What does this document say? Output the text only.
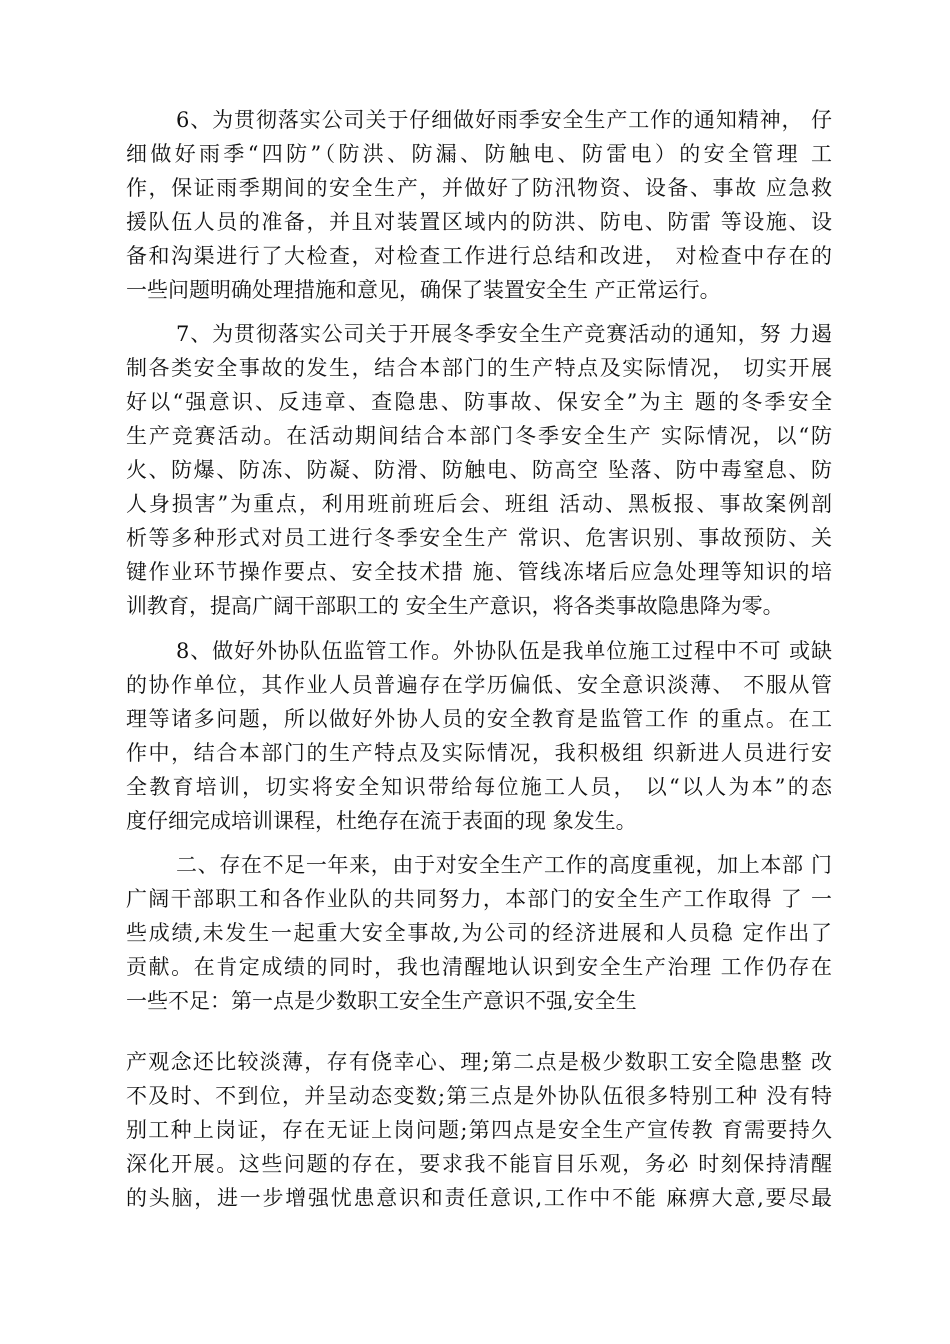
6、为贯彻落实公司关于仔细做好雨季安全生产工作的通知精神， 仔
细做好雨季“四防”（防洪、防漏、防触电、防雷电）的安全管理 工
作，保证雨季期间的安全生产，并做好了防汛物资、设备、事故 应急救
援队伍人员的准备，并且对装置区域内的防洪、防电、防雷 等设施、设
备和沟渠进行了大检查，对检查工作进行总结和改进， 对检查中存在的
一些问题明确处理措施和意见，确保了装置安全生 产正常运行。
7、为贯彻落实公司关于开展冬季安全生产竞赛活动的通知，努 力遏
制各类安全事故的发生，结合本部门的生产特点及实际情况， 切实开展
好以“强意识、反违章、查隐患、防事故、保安全”为主 题的冬季安全
生产竞赛活动。在活动期间结合本部门冬季安全生产 实际情况，以“防
火、防爆、防冻、防凝、防滑、防触电、防高空 坠落、防中毒窒息、防
人身损害”为重点，利用班前班后会、班组 活动、黑板报、事故案例剖
析等多种形式对员工进行冬季安全生产 常识、危害识别、事故预防、关
键作业环节操作要点、安全技术措 施、管线冻堵后应急处理等知识的培
训教育，提高广阔干部职工的 安全生产意识，将各类事故隐患降为零。
8、做好外协队伍监管工作。外协队伍是我单位施工过程中不可 或缺
的协作单位，其作业人员普遍存在学历偏低、安全意识淡薄、 不服从管
理等诸多问题，所以做好外协人员的安全教育是监管工作 的重点。在工
作中，结合本部门的生产特点及实际情况，我积极组 织新进人员进行安
全教育培训，切实将安全知识带给每位施工人员， 以“以人为本”的态
度仔细完成培训课程，杜绝存在流于表面的现 象发生。
二、存在不足一年来，由于对安全生产工作的高度重视，加上本部 门
广阔干部职工和各作业队的共同努力，本部门的安全生产工作取得 了 一
些成绩,未发生一起重大安全事故,为公司的经济进展和人员稳 定作出了
贡献。在肯定成绩的同时，我也清醒地认识到安全生产治理 工作仍存在
一些不足：第一点是少数职工安全生产意识不强,安全生
产观念还比较淡薄，存有侥幸心、理;第二点是极少数职工安全隐患整 改
不及时、不到位，并呈动态变数;第三点是外协队伍很多特别工种 没有特
别工种上岗证，存在无证上岗问题;第四点是安全生产宣传教 育需要持久
深化开展。这些问题的存在，要求我不能盲目乐观，务必 时刻保持清醒
的头脑，进一步增强忧患意识和责任意识,工作中不能 麻痹大意,要尽最
